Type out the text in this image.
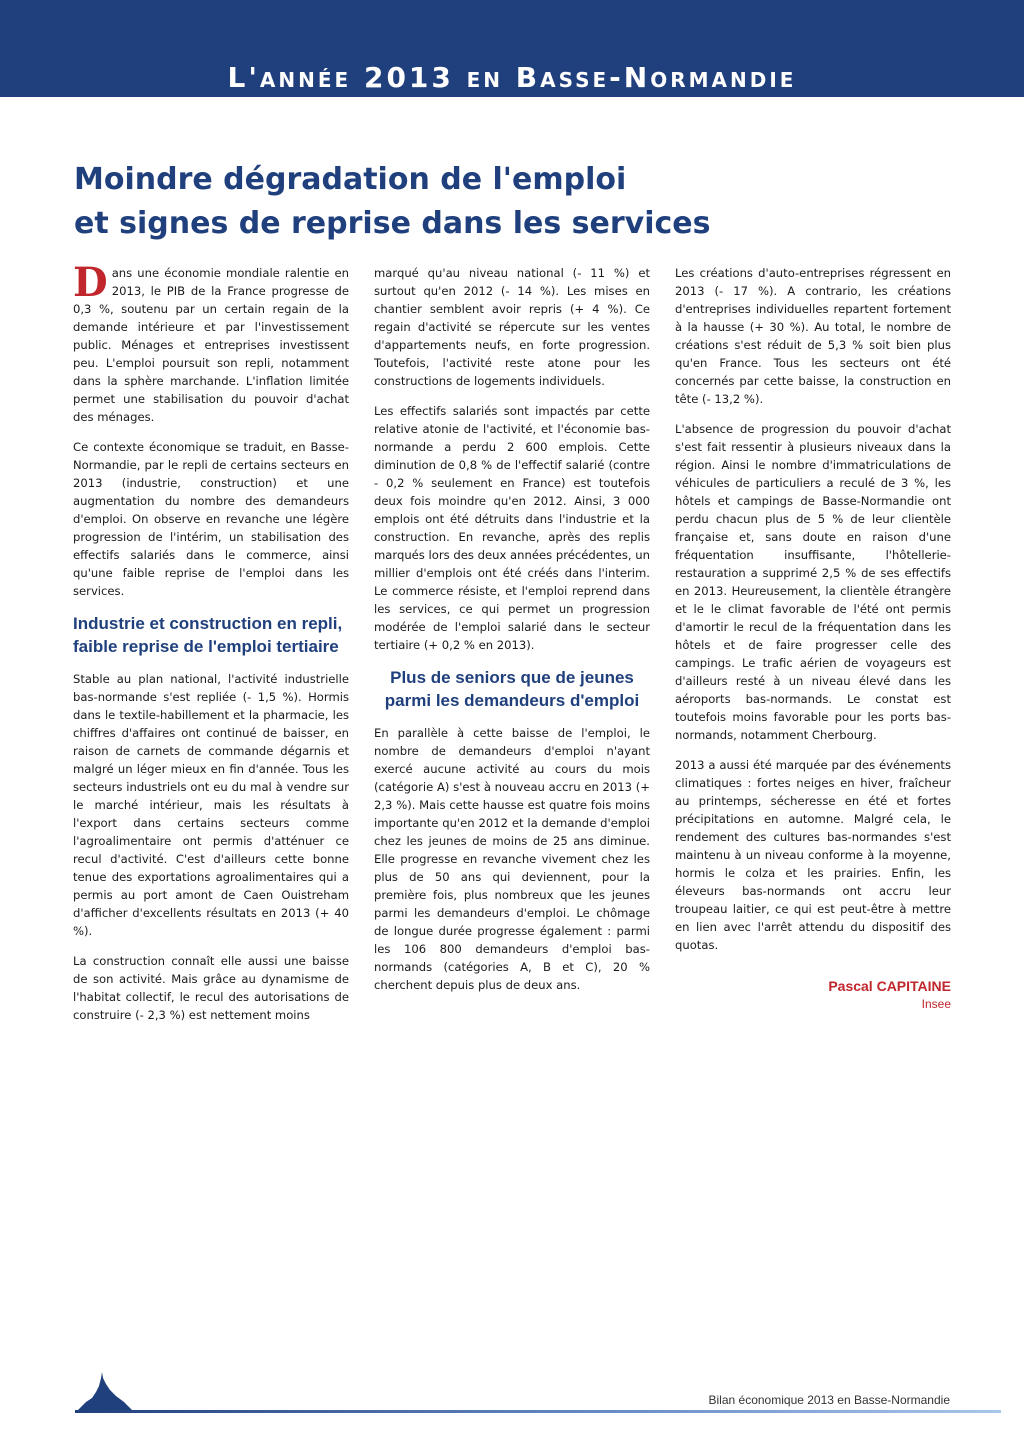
L'année 2013 en Basse-Normandie
Moindre dégradation de l'emploi
et signes de reprise dans les services

Dans une économie mondiale ralentie en 2013, le PIB de la France progresse de 0,3 %, soutenu par un certain regain de la demande intérieure et par l'investissement public. Ménages et entreprises investissent peu. L'emploi poursuit son repli, notamment dans la sphère marchande. L'inflation limitée permet une stabilisation du pouvoir d'achat des ménages.

Ce contexte économique se traduit, en Basse-Normandie, par le repli de certains secteurs en 2013 (industrie, construction) et une augmentation du nombre des demandeurs d'emploi. On observe en revanche une légère progression de l'intérim, un stabilisation des effectifs salariés dans le commerce, ainsi qu'une faible reprise de l'emploi dans les services.

Industrie et construction en repli,
faible reprise de l'emploi tertiaire

Stable au plan national, l'activité industrielle bas-normande s'est repliée (- 1,5 %). Hormis dans le textile-habillement et la pharmacie, les chiffres d'affaires ont continué de baisser, en raison de carnets de commande dégarnis et malgré un léger mieux en fin d'année. Tous les secteurs industriels ont eu du mal à vendre sur le marché intérieur, mais les résultats à l'export dans certains secteurs comme l'agroalimentaire ont permis d'atténuer ce recul d'activité. C'est d'ailleurs cette bonne tenue des exportations agroalimentaires qui a permis au port amont de Caen Ouistreham d'afficher d'excellents résultats en 2013 (+ 40 %).

La construction connaît elle aussi une baisse de son activité. Mais grâce au dynamisme de l'habitat collectif, le recul des autorisations de construire (- 2,3 %) est nettement moins

marqué qu'au niveau national (- 11 %) et surtout qu'en 2012 (- 14 %). Les mises en chantier semblent avoir repris (+ 4 %). Ce regain d'activité se répercute sur les ventes d'appartements neufs, en forte progression. Toutefois, l'activité reste atone pour les constructions de logements individuels.

Les effectifs salariés sont impactés par cette relative atonie de l'activité, et l'économie bas-normande a perdu 2 600 emplois. Cette diminution de 0,8 % de l'effectif salarié (contre - 0,2 % seulement en France) est toutefois deux fois moindre qu'en 2012. Ainsi, 3 000 emplois ont été détruits dans l'industrie et la construction. En revanche, après des replis marqués lors des deux années précédentes, un millier d'emplois ont été créés dans l'interim. Le commerce résiste, et l'emploi reprend dans les services, ce qui permet un progression modérée de l'emploi salarié dans le secteur tertiaire (+ 0,2 % en 2013).

Plus de seniors que de jeunes
parmi les demandeurs d'emploi

En parallèle à cette baisse de l'emploi, le nombre de demandeurs d'emploi n'ayant exercé aucune activité au cours du mois (catégorie A) s'est à nouveau accru en 2013 (+ 2,3 %). Mais cette hausse est quatre fois moins importante qu'en 2012 et la demande d'emploi chez les jeunes de moins de 25 ans diminue. Elle progresse en revanche vivement chez les plus de 50 ans qui deviennent, pour la première fois, plus nombreux que les jeunes parmi les demandeurs d'emploi. Le chômage de longue durée progresse également : parmi les 106 800 demandeurs d'emploi bas-normands (catégories A, B et C), 20 % cherchent depuis plus de deux ans.

Les créations d'auto-entreprises régressent en 2013 (- 17 %). A contrario, les créations d'entreprises individuelles repartent fortement à la hausse (+ 30 %). Au total, le nombre de créations s'est réduit de 5,3 % soit bien plus qu'en France. Tous les secteurs ont été concernés par cette baisse, la construction en tête (- 13,2 %).

L'absence de progression du pouvoir d'achat s'est fait ressentir à plusieurs niveaux dans la région. Ainsi le nombre d'immatriculations de véhicules de particuliers a reculé de 3 %, les hôtels et campings de Basse-Normandie ont perdu chacun plus de 5 % de leur clientèle française et, sans doute en raison d'une fréquentation insuffisante, l'hôtellerie-restauration a supprimé 2,5 % de ses effectifs en 2013. Heureusement, la clientèle étrangère et le le climat favorable de l'été ont permis d'amortir le recul de la fréquentation dans les hôtels et de faire progresser celle des campings. Le trafic aérien de voyageurs est d'ailleurs resté à un niveau élevé dans les aéroports bas-normands. Le constat est toutefois moins favorable pour les ports bas-normands, notamment Cherbourg.

2013 a aussi été marquée par des événements climatiques : fortes neiges en hiver, fraîcheur au printemps, sécheresse en été et fortes précipitations en automne. Malgré cela, le rendement des cultures bas-normandes s'est maintenu à un niveau conforme à la moyenne, hormis le colza et les prairies. Enfin, les éleveurs bas-normands ont accru leur troupeau laitier, ce qui est peut-être à mettre en lien avec l'arrêt attendu du dispositif des quotas.

Pascal CAPITAINE
Insee
Bilan économique 2013 en Basse-Normandie
